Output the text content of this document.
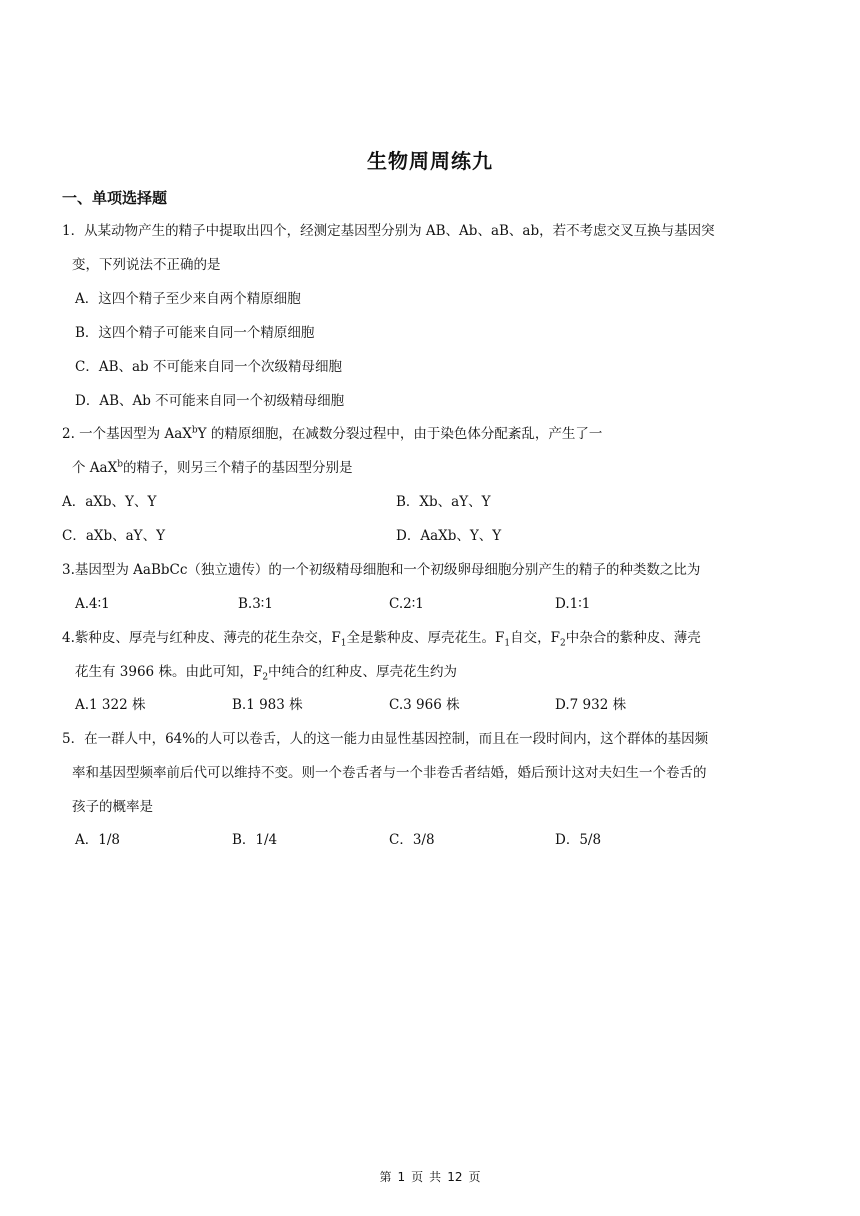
生物周周练九
一、单项选择题
1．从某动物产生的精子中提取出四个，经测定基因型分别为 AB、Ab、aB、ab，若不考虑交叉互换与基因突
变，下列说法不正确的是
A．这四个精子至少来自两个精原细胞
B．这四个精子可能来自同一个精原细胞
C．AB、ab 不可能来自同一个次级精母细胞
D．AB、Ab 不可能来自同一个初级精母细胞
2. 一个基因型为 AaX$^b$Y 的精原细胞，在减数分裂过程中，由于染色体分配紊乱，产生了一
个 AaX$^b$的精子，则另三个精子的基因型分别是
A．aXb、Y、Y	B．Xb、aY、Y
C．aXb、aY、Y	D．AaXb、Y、Y
3.基因型为 AaBbCc（独立遗传）的一个初级精母细胞和一个初级卵母细胞分别产生的精子的种类数之比为
A.4∶1	B.3∶1	C.2∶1	D.1∶1
4.紫种皮、厚壳与红种皮、薄壳的花生杂交，$F_1$全是紫种皮、厚壳花生。$F_1$自交，$F_2$中杂合的紫种皮、薄壳
花生有 3966 株。由此可知，$F_2$中纯合的红种皮、厚壳花生约为
A.1 322 株	B.1 983 株	C.3 966 株	D.7 932 株
5．在一群人中，64%的人可以卷舌，人的这一能力由显性基因控制，而且在一段时间内，这个群体的基因频
率和基因型频率前后代可以维持不变。则一个卷舌者与一个非卷舌者结婚，婚后预计这对夫妇生一个卷舌的
孩子的概率是
A．1/8	B．1/4	C．3/8	D．5/8
第 1 页 共 12 页
